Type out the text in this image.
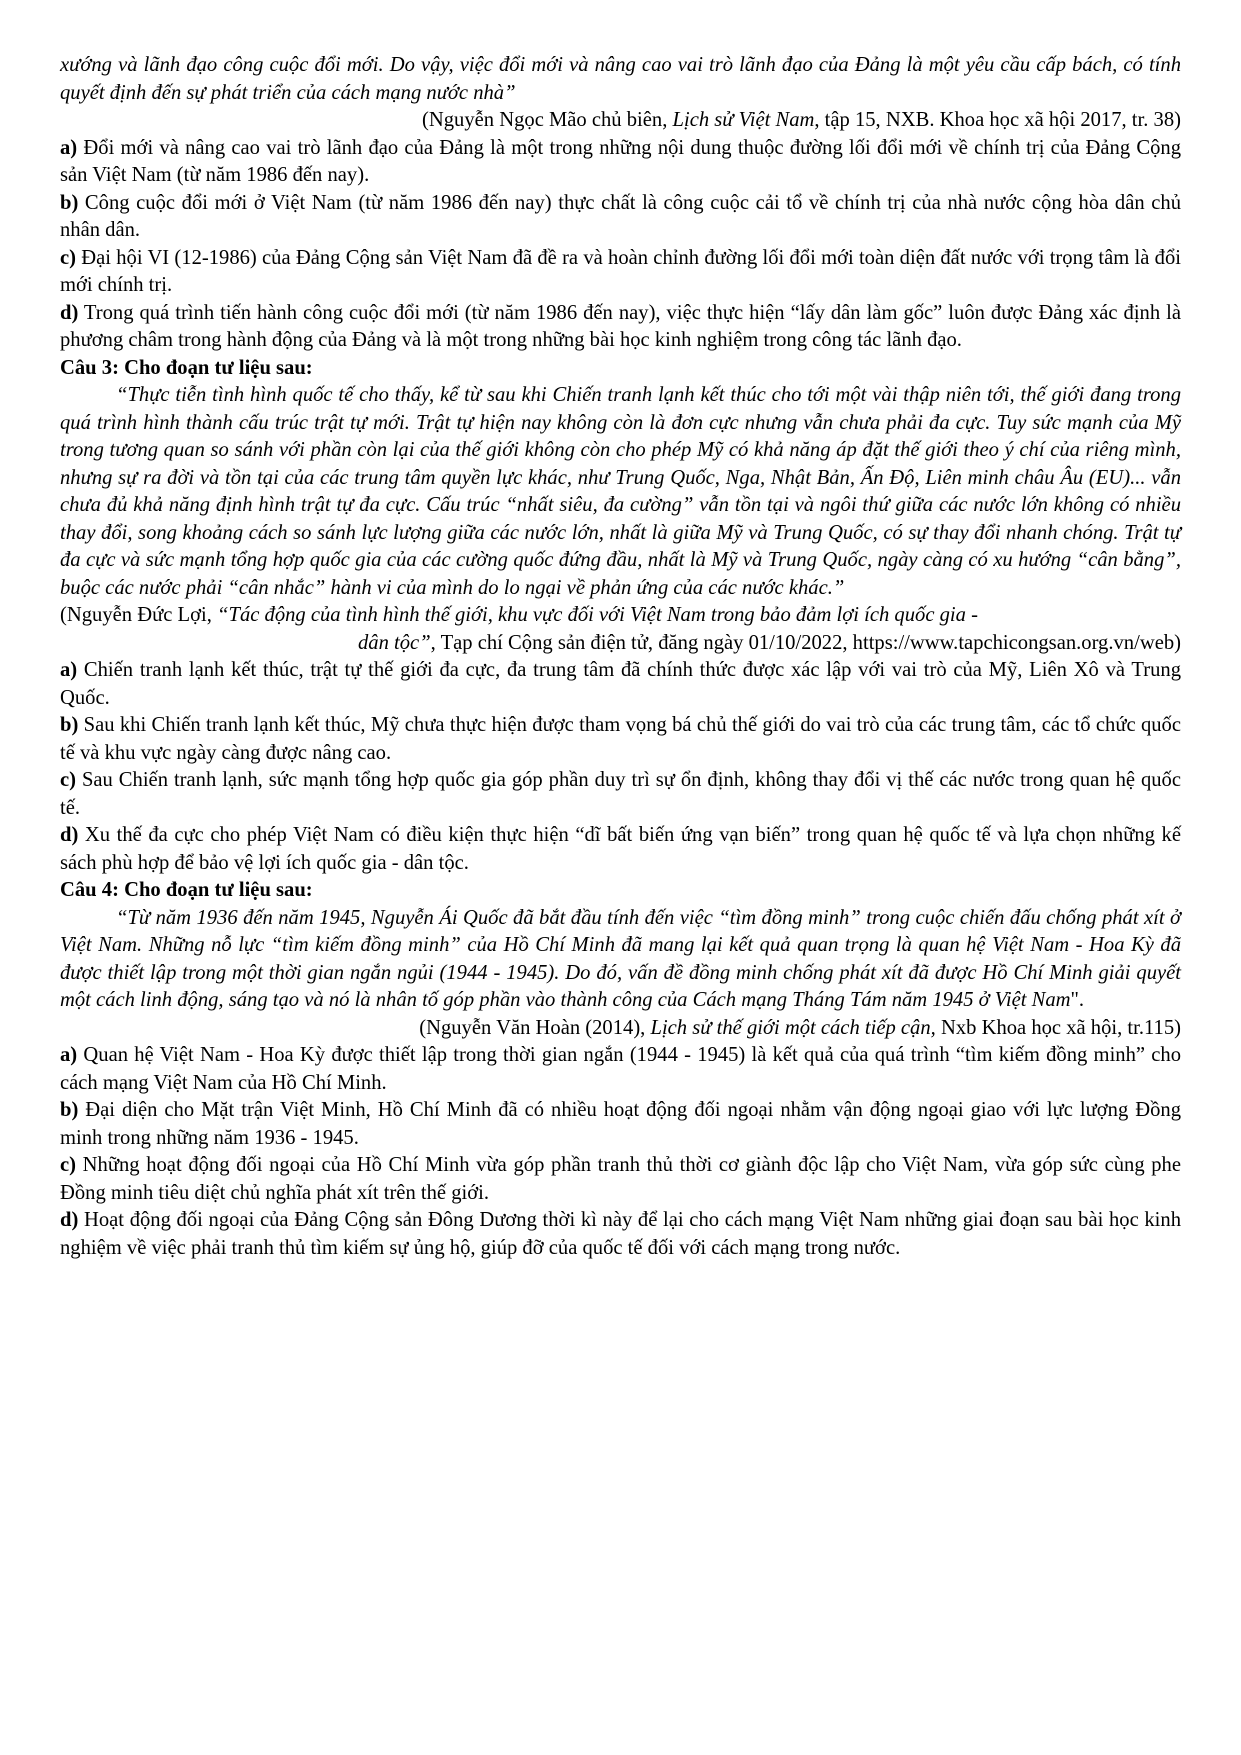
xướng và lãnh đạo công cuộc đổi mới. Do vậy, việc đổi mới và nâng cao vai trò lãnh đạo của Đảng là một yêu cầu cấp bách, có tính quyết định đến sự phát triển của cách mạng nước nhà”

(Nguyễn Ngọc Mão chủ biên, Lịch sử Việt Nam, tập 15, NXB. Khoa học xã hội 2017, tr. 38)

a) Đổi mới và nâng cao vai trò lãnh đạo của Đảng là một trong những nội dung thuộc đường lối đổi mới về chính trị của Đảng Cộng sản Việt Nam (từ năm 1986 đến nay).

b) Công cuộc đổi mới ở Việt Nam (từ năm 1986 đến nay) thực chất là công cuộc cải tổ về chính trị của nhà nước cộng hòa dân chủ nhân dân.

c) Đại hội VI (12-1986) của Đảng Cộng sản Việt Nam đã đề ra và hoàn chỉnh đường lối đổi mới toàn diện đất nước với trọng tâm là đổi mới chính trị.

d) Trong quá trình tiến hành công cuộc đổi mới (từ năm 1986 đến nay), việc thực hiện “lấy dân làm gốc” luôn được Đảng xác định là phương châm trong hành động của Đảng và là một trong những bài học kinh nghiệm trong công tác lãnh đạo.

Câu 3: Cho đoạn tư liệu sau:

“Thực tiễn tình hình quốc tế cho thấy, kể từ sau khi Chiến tranh lạnh kết thúc cho tới một vài thập niên tới, thế giới đang trong quá trình hình thành cấu trúc trật tự mới. Trật tự hiện nay không còn là đơn cực nhưng vẫn chưa phải đa cực. Tuy sức mạnh của Mỹ trong tương quan so sánh với phần còn lại của thế giới không còn cho phép Mỹ có khả năng áp đặt thế giới theo ý chí của riêng mình, nhưng sự ra đời và tồn tại của các trung tâm quyền lực khác, như Trung Quốc, Nga, Nhật Bản, Ấn Độ, Liên minh châu Âu (EU)... vẫn chưa đủ khả năng định hình trật tự đa cực. Cấu trúc “nhất siêu, đa cường” vẫn tồn tại và ngôi thứ giữa các nước lớn không có nhiều thay đổi, song khoảng cách so sánh lực lượng giữa các nước lớn, nhất là giữa Mỹ và Trung Quốc, có sự thay đổi nhanh chóng. Trật tự đa cực và sức mạnh tổng hợp quốc gia của các cường quốc đứng đầu, nhất là Mỹ và Trung Quốc, ngày càng có xu hướng “cân bằng”, buộc các nước phải “cân nhắc” hành vi của mình do lo ngại về phản ứng của các nước khác.”

(Nguyễn Đức Lợi, “Tác động của tình hình thế giới, khu vực đối với Việt Nam trong bảo đảm lợi ích quốc gia -
dân tộc”, Tạp chí Cộng sản điện tử, đăng ngày 01/10/2022, https://www.tapchicongsan.org.vn/web)

a) Chiến tranh lạnh kết thúc, trật tự thế giới đa cực, đa trung tâm đã chính thức được xác lập với vai trò của Mỹ, Liên Xô và Trung Quốc.

b) Sau khi Chiến tranh lạnh kết thúc, Mỹ chưa thực hiện được tham vọng bá chủ thế giới do vai trò của các trung tâm, các tổ chức quốc tế và khu vực ngày càng được nâng cao.

c) Sau Chiến tranh lạnh, sức mạnh tổng hợp quốc gia góp phần duy trì sự ổn định, không thay đổi vị thế các nước trong quan hệ quốc tế.

d) Xu thế đa cực cho phép Việt Nam có điều kiện thực hiện “dĩ bất biến ứng vạn biến” trong quan hệ quốc tế và lựa chọn những kế sách phù hợp để bảo vệ lợi ích quốc gia - dân tộc.

Câu 4: Cho đoạn tư liệu sau:

“Từ năm 1936 đến năm 1945, Nguyễn Ái Quốc đã bắt đầu tính đến việc “tìm đồng minh” trong cuộc chiến đấu chống phát xít ở Việt Nam. Những nỗ lực “tìm kiếm đồng minh” của Hồ Chí Minh đã mang lại kết quả quan trọng là quan hệ Việt Nam - Hoa Kỳ đã được thiết lập trong một thời gian ngắn ngủi (1944 - 1945). Do đó, vấn đề đồng minh chống phát xít đã được Hồ Chí Minh giải quyết một cách linh động, sáng tạo và nó là nhân tố góp phần vào thành công của Cách mạng Tháng Tám năm 1945 ở Việt Nam".

(Nguyễn Văn Hoàn (2014), Lịch sử thế giới một cách tiếp cận, Nxb Khoa học xã hội, tr.115)

a) Quan hệ Việt Nam - Hoa Kỳ được thiết lập trong thời gian ngắn (1944 - 1945) là kết quả của quá trình “tìm kiếm đồng minh” cho cách mạng Việt Nam của Hồ Chí Minh.

b) Đại diện cho Mặt trận Việt Minh, Hồ Chí Minh đã có nhiều hoạt động đối ngoại nhằm vận động ngoại giao với lực lượng Đồng minh trong những năm 1936 - 1945.

c) Những hoạt động đối ngoại của Hồ Chí Minh vừa góp phần tranh thủ thời cơ giành độc lập cho Việt Nam, vừa góp sức cùng phe Đồng minh tiêu diệt chủ nghĩa phát xít trên thế giới.

d) Hoạt động đối ngoại của Đảng Cộng sản Đông Dương thời kì này để lại cho cách mạng Việt Nam những giai đoạn sau bài học kinh nghiệm về việc phải tranh thủ tìm kiếm sự ủng hộ, giúp đỡ của quốc tế đối với cách mạng trong nước.
